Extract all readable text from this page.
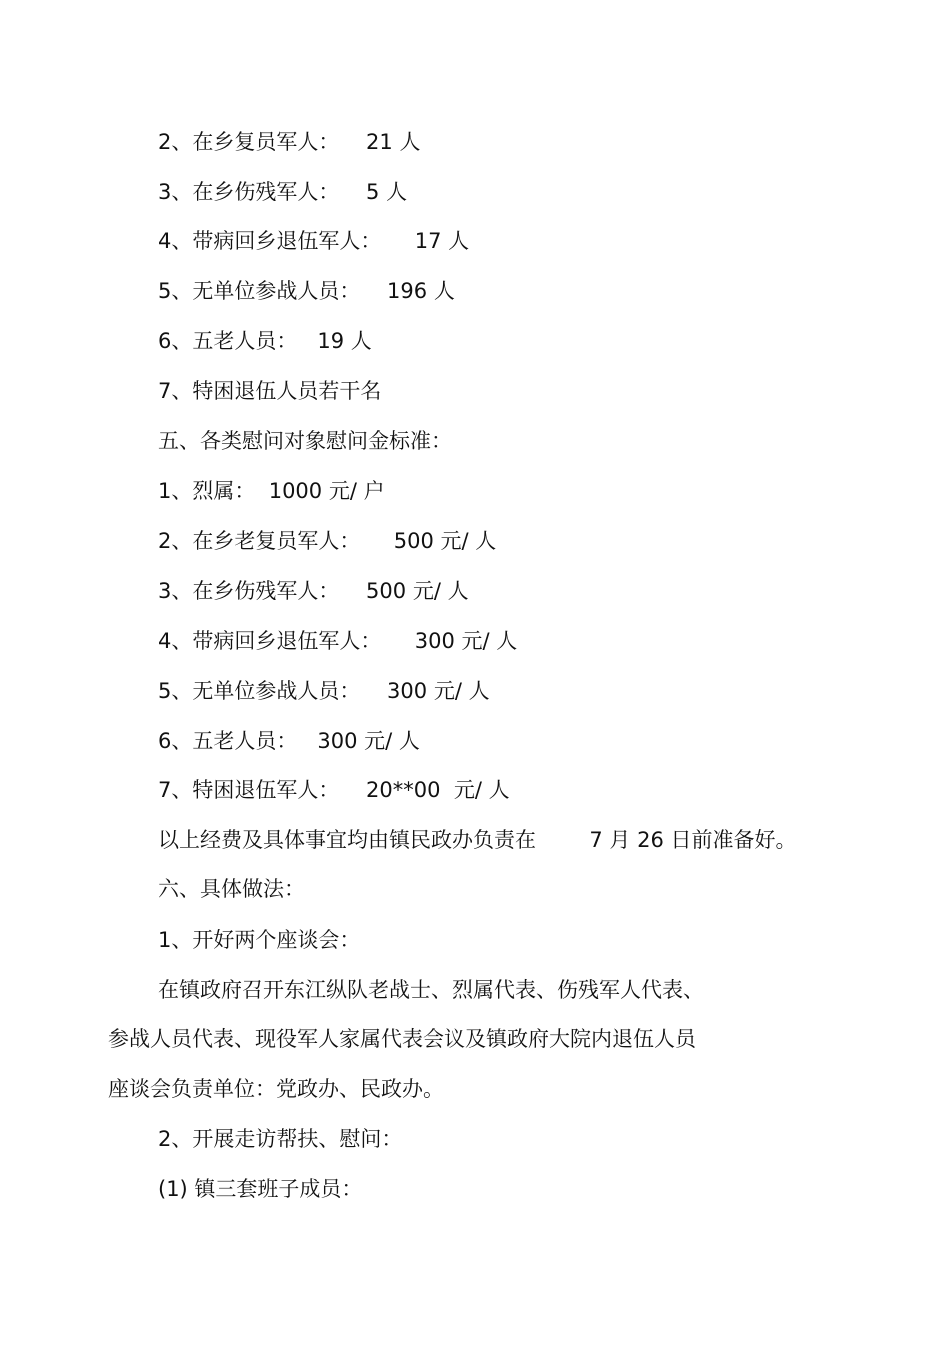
2、在乡复员军人：    21 人
3、在乡伤残军人：    5 人
4、带病回乡退伍军人：     17 人
5、无单位参战人员：    196 人
6、五老人员：   19 人
7、特困退伍人员若干名
五、各类慰问对象慰问金标准：
1、烈属：  1000 元/ 户
2、在乡老复员军人：     500 元/ 人
3、在乡伤残军人：    500 元/ 人
4、带病回乡退伍军人：     300 元/ 人
5、无单位参战人员：    300 元/ 人
6、五老人员：   300 元/ 人
7、特困退伍军人：    20**00  元/ 人
以上经费及具体事宜均由镇民政办负责在        7 月 26 日前准备好。
六、具体做法：
1、开好两个座谈会：
在镇政府召开东江纵队老战士、烈属代表、伤残军人代表、
参战人员代表、现役军人家属代表会议及镇政府大院内退伍人员
座谈会负责单位：党政办、民政办。
2、开展走访帮扶、慰问：
(1) 镇三套班子成员：
